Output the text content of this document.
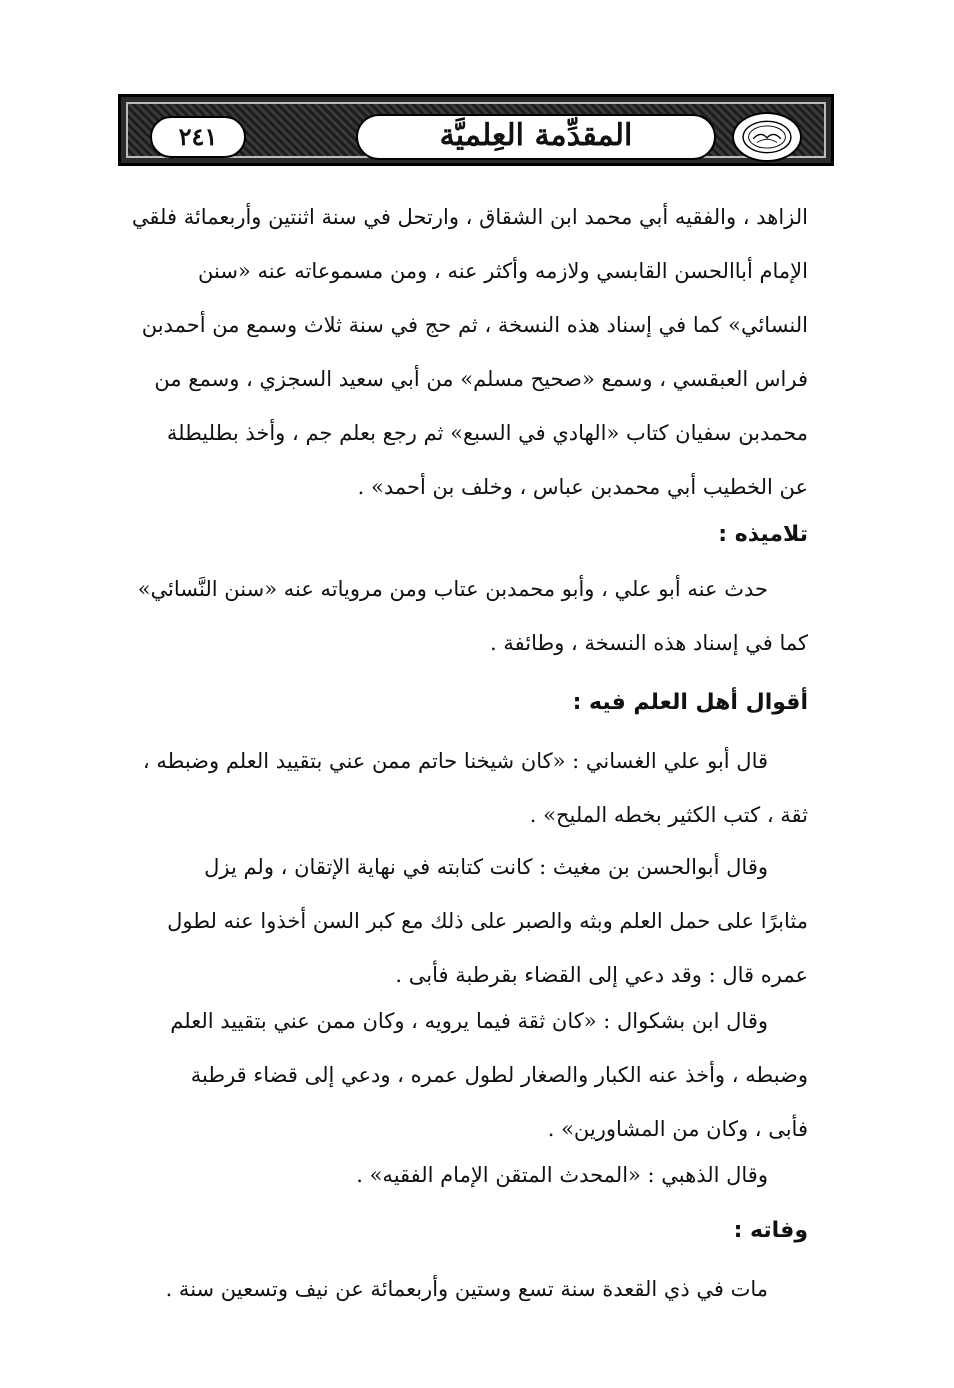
٢٤١	المقدِّمة العِلميَّة
الزاهد ، والفقيه أبي محمد ابن الشقاق ، وارتحل في سنة اثنتين وأربعمائة فلقي
الإمام أباالحسن القابسي ولازمه وأكثر عنه ، ومن مسموعاته عنه «سنن
النسائي» كما في إسناد هذه النسخة ، ثم حج في سنة ثلاث وسمع من أحمدبن
فراس العبقسي ، وسمع «صحيح مسلم» من أبي سعيد السجزي ، وسمع من
محمدبن سفيان كتاب «الهادي في السبع» ثم رجع بعلم جم ، وأخذ بطليطلة
عن الخطيب أبي محمدبن عباس ، وخلف بن أحمد» .
تلاميذه :
حدث عنه أبو علي ، وأبو محمدبن عتاب ومن مروياته عنه «سنن النَّسائي»
كما في إسناد هذه النسخة ، وطائفة .
أقوال أهل العلم فيه :
قال أبو علي الغساني : «كان شيخنا حاتم ممن عني بتقييد العلم وضبطه ،
ثقة ، كتب الكثير بخطه المليح» .
وقال أبوالحسن بن مغيث : كانت كتابته في نهاية الإتقان ، ولم يزل
مثابرًا على حمل العلم وبثه والصبر على ذلك مع كبر السن أخذوا عنه لطول
عمره قال : وقد دعي إلى القضاء بقرطبة فأبى .
وقال ابن بشكوال : «كان ثقة فيما يرويه ، وكان ممن عني بتقييد العلم
وضبطه ، وأخذ عنه الكبار والصغار لطول عمره ، ودعي إلى قضاء قرطبة
فأبى ، وكان من المشاورين» .
وقال الذهبي : «المحدث المتقن الإمام الفقيه» .
وفاته :
مات في ذي القعدة سنة تسع وستين وأربعمائة عن نيف وتسعين سنة .
